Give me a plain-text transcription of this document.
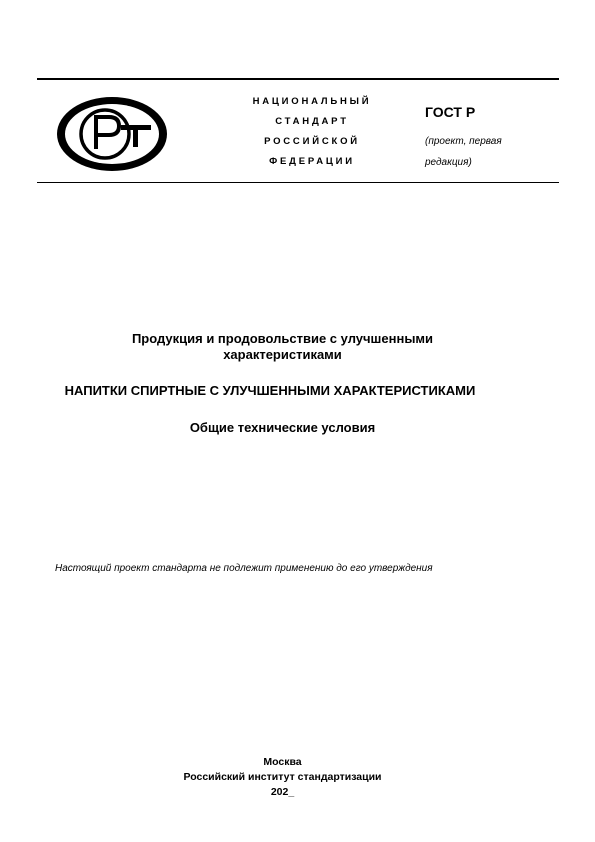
НАЦИОНАЛЬНЫЙ
СТАНДАРТ
РОССИЙСКОЙ
ФЕДЕРАЦИИ
ГОСТ Р
(проект, первая
редакция)
Продукция и продовольствие с улучшенными
характеристиками
НАПИТКИ СПИРТНЫЕ С УЛУЧШЕННЫМИ ХАРАКТЕРИСТИКАМИ
Общие технические условия
Настоящий проект стандарта не подлежит применению до его утверждения
Москва
Российский институт стандартизации
202_
